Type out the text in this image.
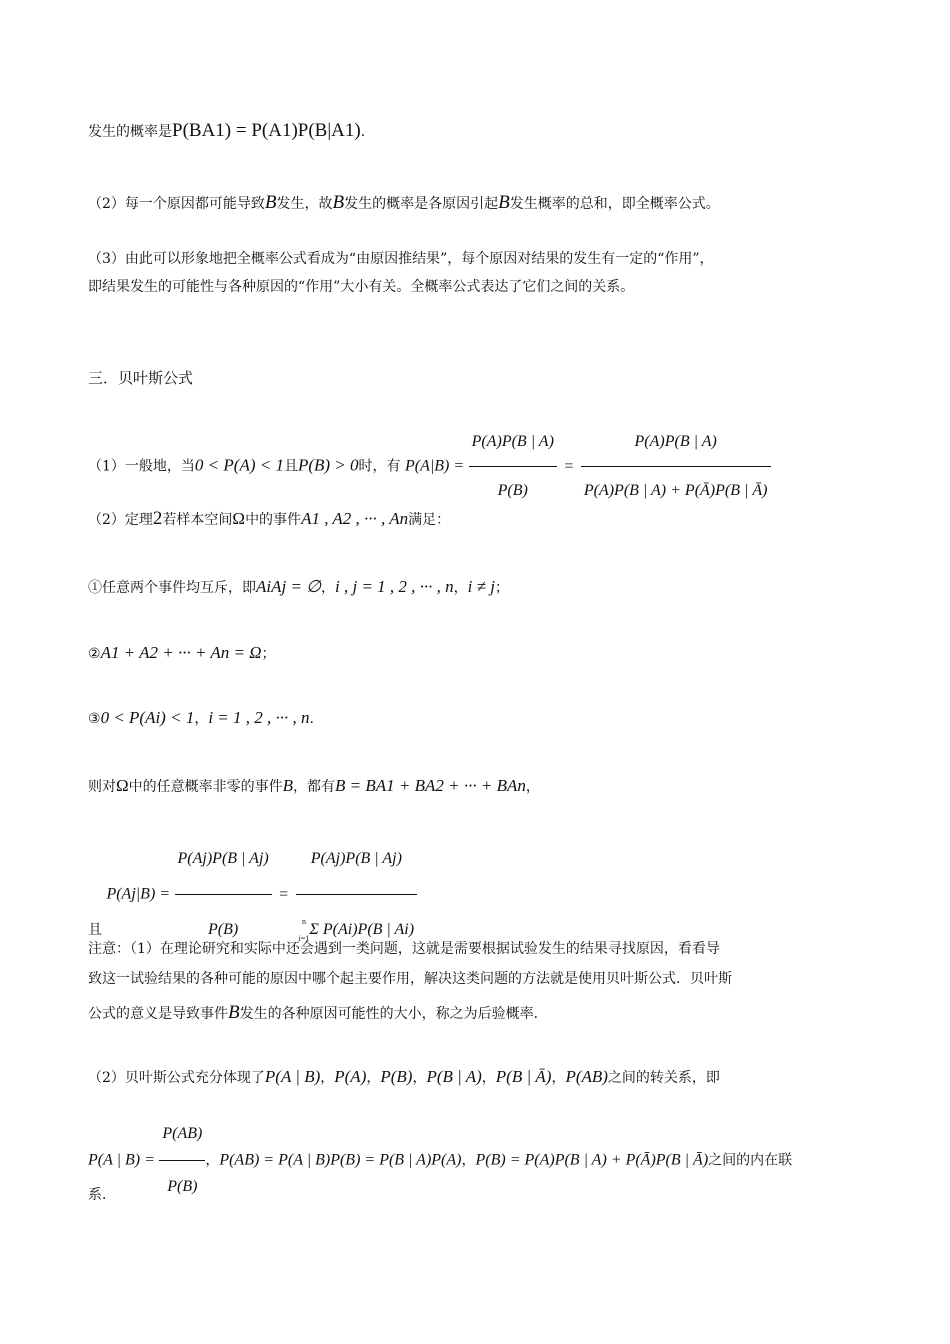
发生的概率是P(BA1) = P(A1)P(B|A1).
（2）每一个原因都可能导致B发生，故B发生的概率是各原因引起B发生概率的总和，即全概率公式。
（3）由此可以形象地把全概率公式看成为“由原因推结果”，每个原因对结果的发生有一定的“作用”，
即结果发生的可能性与各种原因的“作用”大小有关。全概率公式表达了它们之间的关系。
三．贝叶斯公式
（1）一般地，当0 < P(A) < 1且P(B) > 0时，有 $P(A|B) = \frac{P(A)P(B | A)}{P(B)} = \frac{P(A)P(B | A)}{P(A)P(B | A) + P(Ā)P(B | Ā)}$
（2）定理2若样本空间Ω中的事件A1 , A2 , ··· , An满足：
①任意两个事件均互斥，即AiAj = ∅，i , j = 1 , 2 , ··· , n，i ≠ j；
②A1 + A2 + ··· + An = Ω；
③0 < P(Ai) < 1，i = 1 , 2 , ··· , n.
则对Ω中的任意概率非零的事件B，都有B = BA1 + BA2 + ··· + BAn，
且 $P(Aj|B) = \frac{P(Aj)P(B | Aj)}{P(B)} = P(Aj)P(B$ | Aj)
n
i=1
Σ P(Ai)P(B | Ai)
注意：（1）在理论研究和实际中还会遇到一类问题，这就是需要根据试验发生的结果寻找原因，看看导
致这一试验结果的各种可能的原因中哪个起主要作用，解决这类问题的方法就是使用贝叶斯公式．贝叶斯
公式的意义是导致事件B发生的各种原因可能性的大小，称之为后验概率．
（2）贝叶斯公式充分体现了P(A | B)，P(A)，P(B)，P(B | A)，P(B | Ā)，P(AB)之间的转关系，即
P(A | $B) = \frac{P(AB)}{P(B)}$ ，P(AB) = P(A | B)P(B) = P(B | A)P(A)，P(B) = P(A)P(B | A) + P(Ā)P(B | Ā)之间的内在联
系．
